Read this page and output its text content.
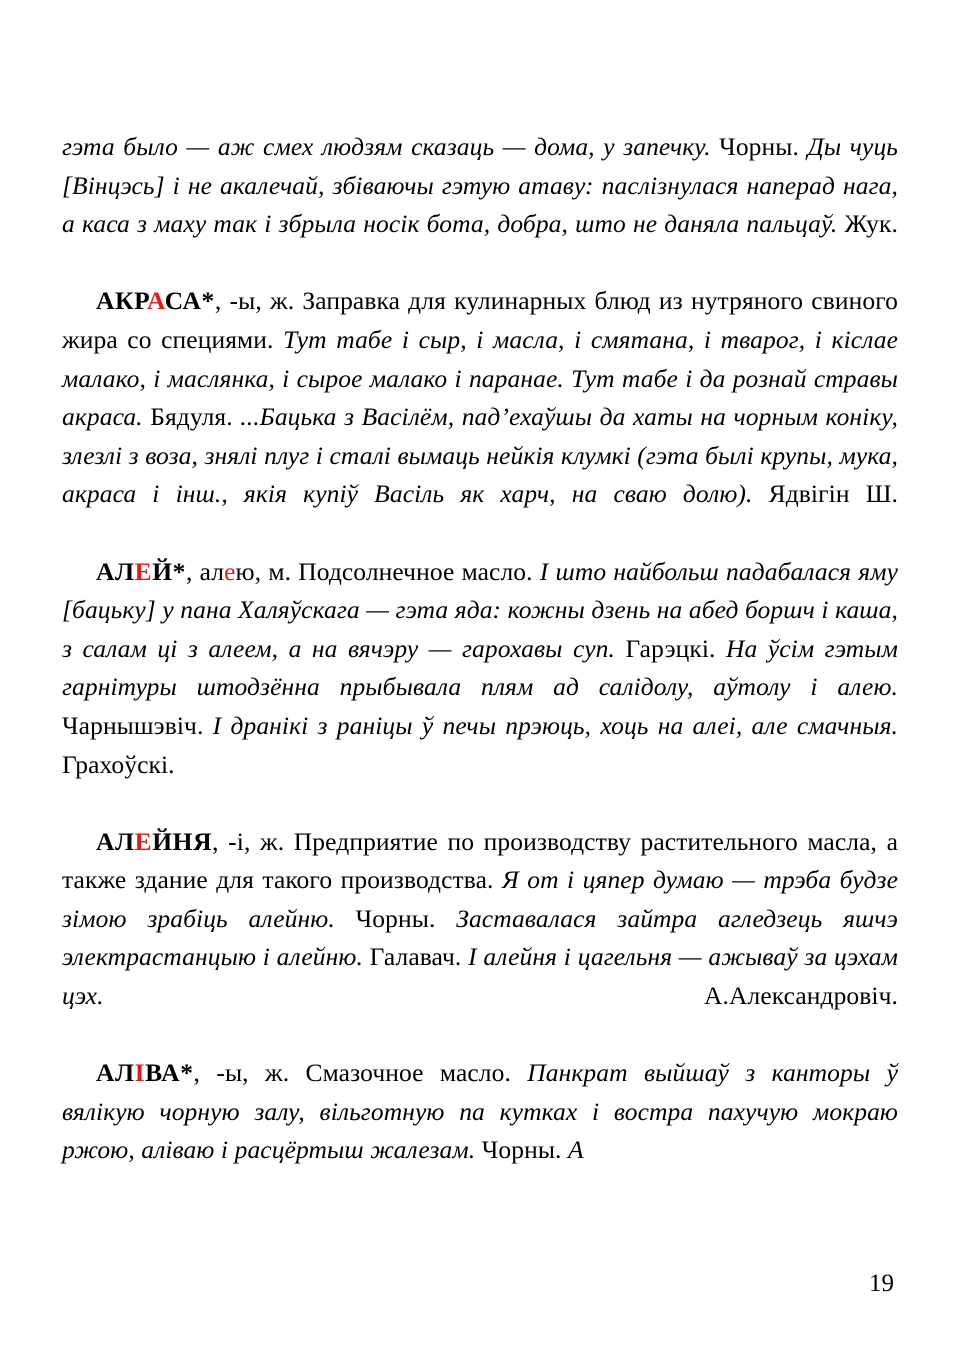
гэта было — аж смех людзям сказаць — дома, у запечку. Чорны. Ды чуць [Вінцэсь] і не акалечай, збіваючы гэтую атаву: паслізнулася наперад нага, а каса з маху так і збрыла носік бота, добра, што не даняла пальцаў. Жук.

АКРАСА*, -ы, ж. Заправка для кулинарных блюд из нутряного свиного жира со специями. Тут табе і сыр, і масла, і смятана, і тварог, і кіслае малако, і маслянка, і сырое малако і паранае. Тут табе і да рознай стравы акраса. Бядуля. ...Бацька з Васілём, пад’ехаўшы да хаты на чорным коніку, злезлі з воза, знялі плуг і сталі вымаць нейкія клумкі (гэта былі крупы, мука, акраса і інш., якія купіў Васіль як харч, на сваю долю). Ядвігін Ш.

АЛЕЙ*, алею, м. Подсолнечное масло. І што найбольш падабалася яму [бацьку] у пана Халяўскага — гэта яда: кожны дзень на абед боршч і каша, з салам ці з алеем, а на вячэру — гарохавы суп. Гарэцкі. На ўсім гэтым гарнітуры штодзённа прыбывала плям ад салідолу, аўтолу і алею. Чарнышэвіч. І дранікі з раніцы ў печы прэюць, хоць на алеі, але смачныя. Грахоўскі.

АЛЕЙНЯ, -і, ж. Предприятие по производству растительного масла, а также здание для такого производства. Я от і цяпер думаю — трэба будзе зімою зрабіць алейню. Чорны. Заставалася зайтра агледзець яшчэ электрастанцыю і алейню. Галавач. І алейня і цагельня — ажываў за цэхам цэх. А.Александровіч.

АЛІВА*, -ы, ж. Смазочное масло. Панкрат выйшаў з канторы ў вялікую чорную залу, вільготную па кутках і востра пахучую мокраю ржою, аліваю і расцёртыш жалезам. Чорны. А

19
